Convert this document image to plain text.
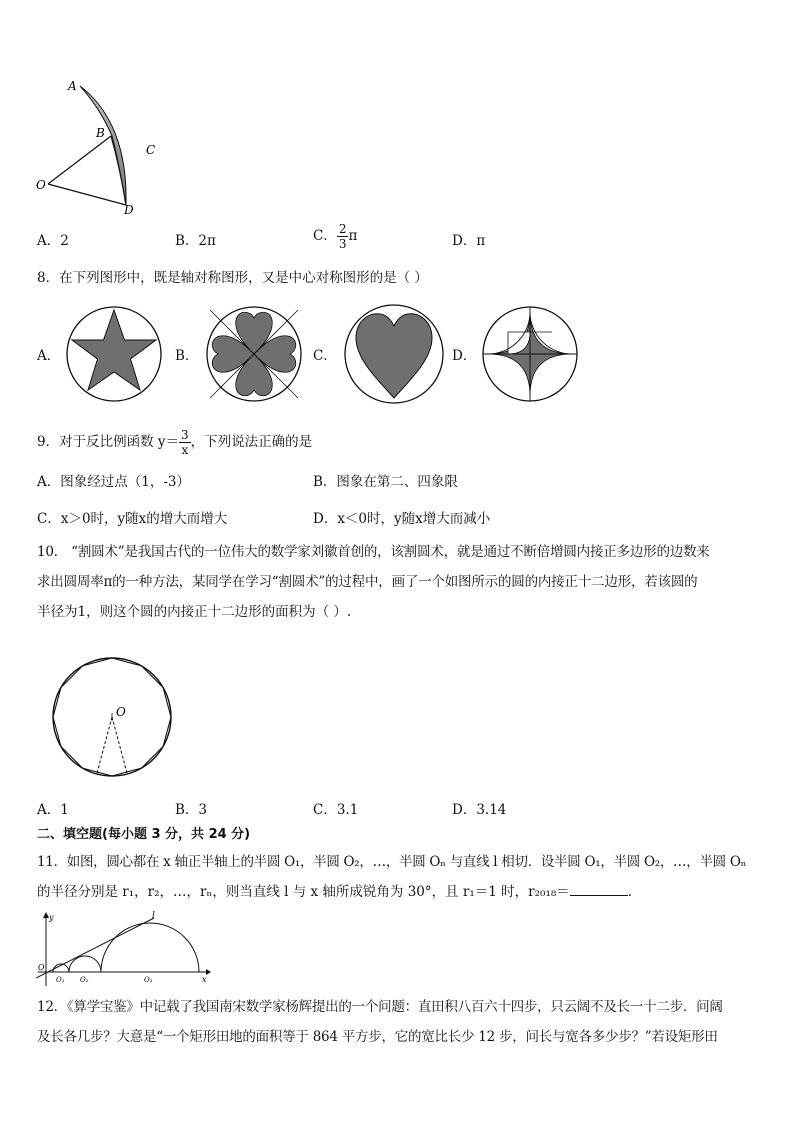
A
B
C
O
D
A．2	B．2π	C． $\frac{2}{3}$ π	D．π
8．在下列图形中，既是轴对称图形，又是中心对称图形的是（ ）
A．	B．	C．	D．
9．对于反比例函数 $y= \frac{3}{x}$ ，下列说法正确的是
A．图象经过点（1，-3）	B．图象在第二、四象限
C．x＞0时，y随x的增大而增大	D．x＜0时，y随x增大而减小
10． “割圆术”是我国古代的一位伟大的数学家刘徽首创的，该割圆术，就是通过不断倍增圆内接正多边形的边数来
求出圆周率π的一种方法，某同学在学习“割圆术”的过程中，画了一个如图所示的圆的内接正十二边形，若该圆的
半径为1，则这个圆的内接正十二边形的面积为（ ）.
O
A．1	B．3	C．3.1	D．3.14
二、填空题(每小题 3 分，共 24 分)
11．如图，圆心都在 x 轴正半轴上的半圆 O₁，半圆 O₂，…，半圆 Oₙ 与直线 l 相切．设半圆 O₁，半圆 O₂，…，半圆 Oₙ
的半径分别是 r₁，r₂，…，rₙ，则当直线 l 与 x 轴所成锐角为 30°，且 r₁＝1 时，r₂₀₁₈＝	.
l
y
O
x
O₁ O₂	O₃
12．《算学宝鉴》中记载了我国南宋数学家杨辉提出的一个问题：直田积八百六十四步，只云阔不及长一十二步．问阔
及长各几步？大意是“一个矩形田地的面积等于 864 平方步，它的宽比长少 12 步，问长与宽各多少步？”若设矩形田
